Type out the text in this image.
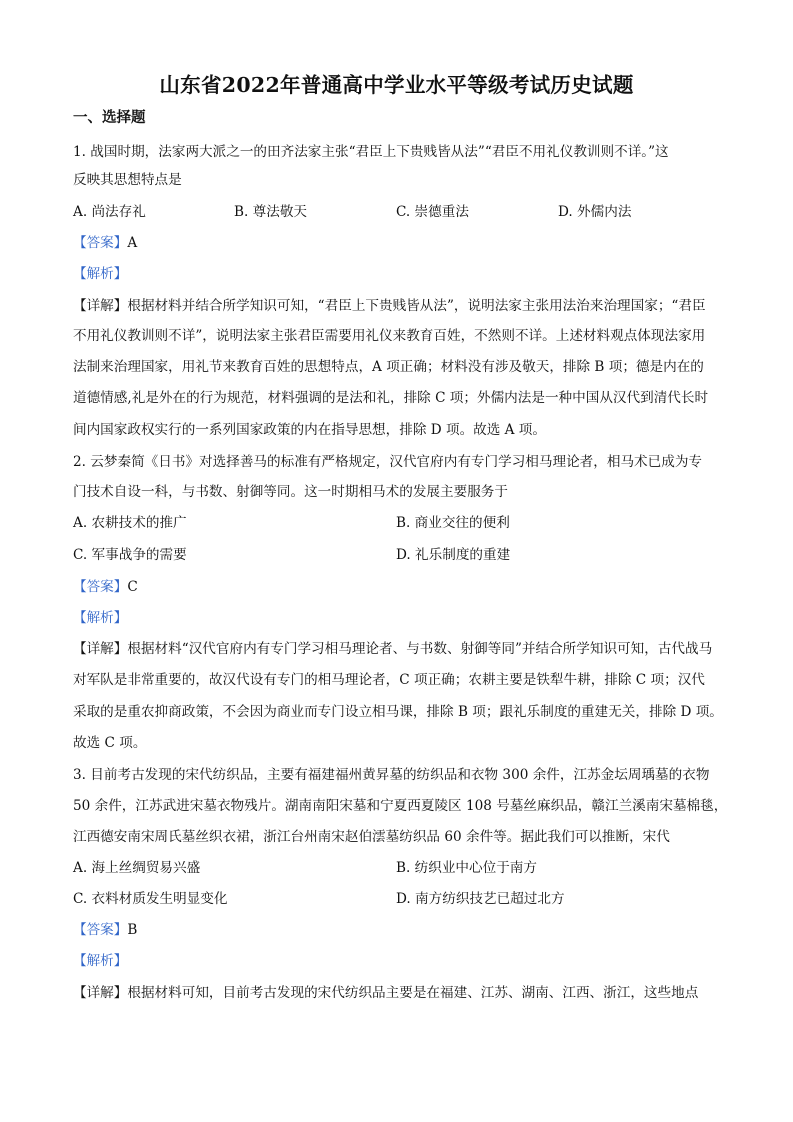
山东省2022年普通高中学业水平等级考试历史试题
一、选择题
1. 战国时期，法家两大派之一的田齐法家主张“君臣上下贵贱皆从法”“君臣不用礼仪教训则不详。”这
反映其思想特点是
A. 尚法存礼	B. 尊法敬天	C. 崇德重法	D. 外儒内法
【答案】A
【解析】
【详解】根据材料并结合所学知识可知，“君臣上下贵贱皆从法”，说明法家主张用法治来治理国家；“君臣
不用礼仪教训则不详”，说明法家主张君臣需要用礼仪来教育百姓，不然则不详。上述材料观点体现法家用
法制来治理国家，用礼节来教育百姓的思想特点，A 项正确；材料没有涉及敬天，排除 B 项；德是内在的
道德情感,礼是外在的行为规范，材料强调的是法和礼，排除 C 项；外儒内法是一种中国从汉代到清代长时
间内国家政权实行的一系列国家政策的内在指导思想，排除 D 项。故选 A 项。
2. 云梦秦简《日书》对选择善马的标准有严格规定，汉代官府内有专门学习相马理论者，相马术已成为专
门技术自设一科，与书数、射御等同。这一时期相马术的发展主要服务于
A. 农耕技术的推广	B. 商业交往的便利
C. 军事战争的需要	D. 礼乐制度的重建
【答案】C
【解析】
【详解】根据材料“汉代官府内有专门学习相马理论者、与书数、射御等同”并结合所学知识可知，古代战马
对军队是非常重要的，故汉代设有专门的相马理论者，C 项正确；农耕主要是铁犁牛耕，排除 C 项；汉代
采取的是重农抑商政策，不会因为商业而专门设立相马课，排除 B 项；跟礼乐制度的重建无关，排除 D 项。
故选 C 项。
3. 目前考古发现的宋代纺织品，主要有福建福州黄昇墓的纺织品和衣物 300 余件，江苏金坛周瑀墓的衣物
50 余件，江苏武进宋墓衣物残片。湖南南阳宋墓和宁夏西夏陵区 108 号墓丝麻织品，赣江兰溪南宋墓棉毯，
江西德安南宋周氏墓丝织衣裙，浙江台州南宋赵伯澐墓纺织品 60 余件等。据此我们可以推断，宋代
A. 海上丝绸贸易兴盛	B. 纺织业中心位于南方
C. 衣料材质发生明显变化	D. 南方纺织技艺已超过北方
【答案】B
【解析】
【详解】根据材料可知，目前考古发现的宋代纺织品主要是在福建、江苏、湖南、江西、浙江，这些地点
